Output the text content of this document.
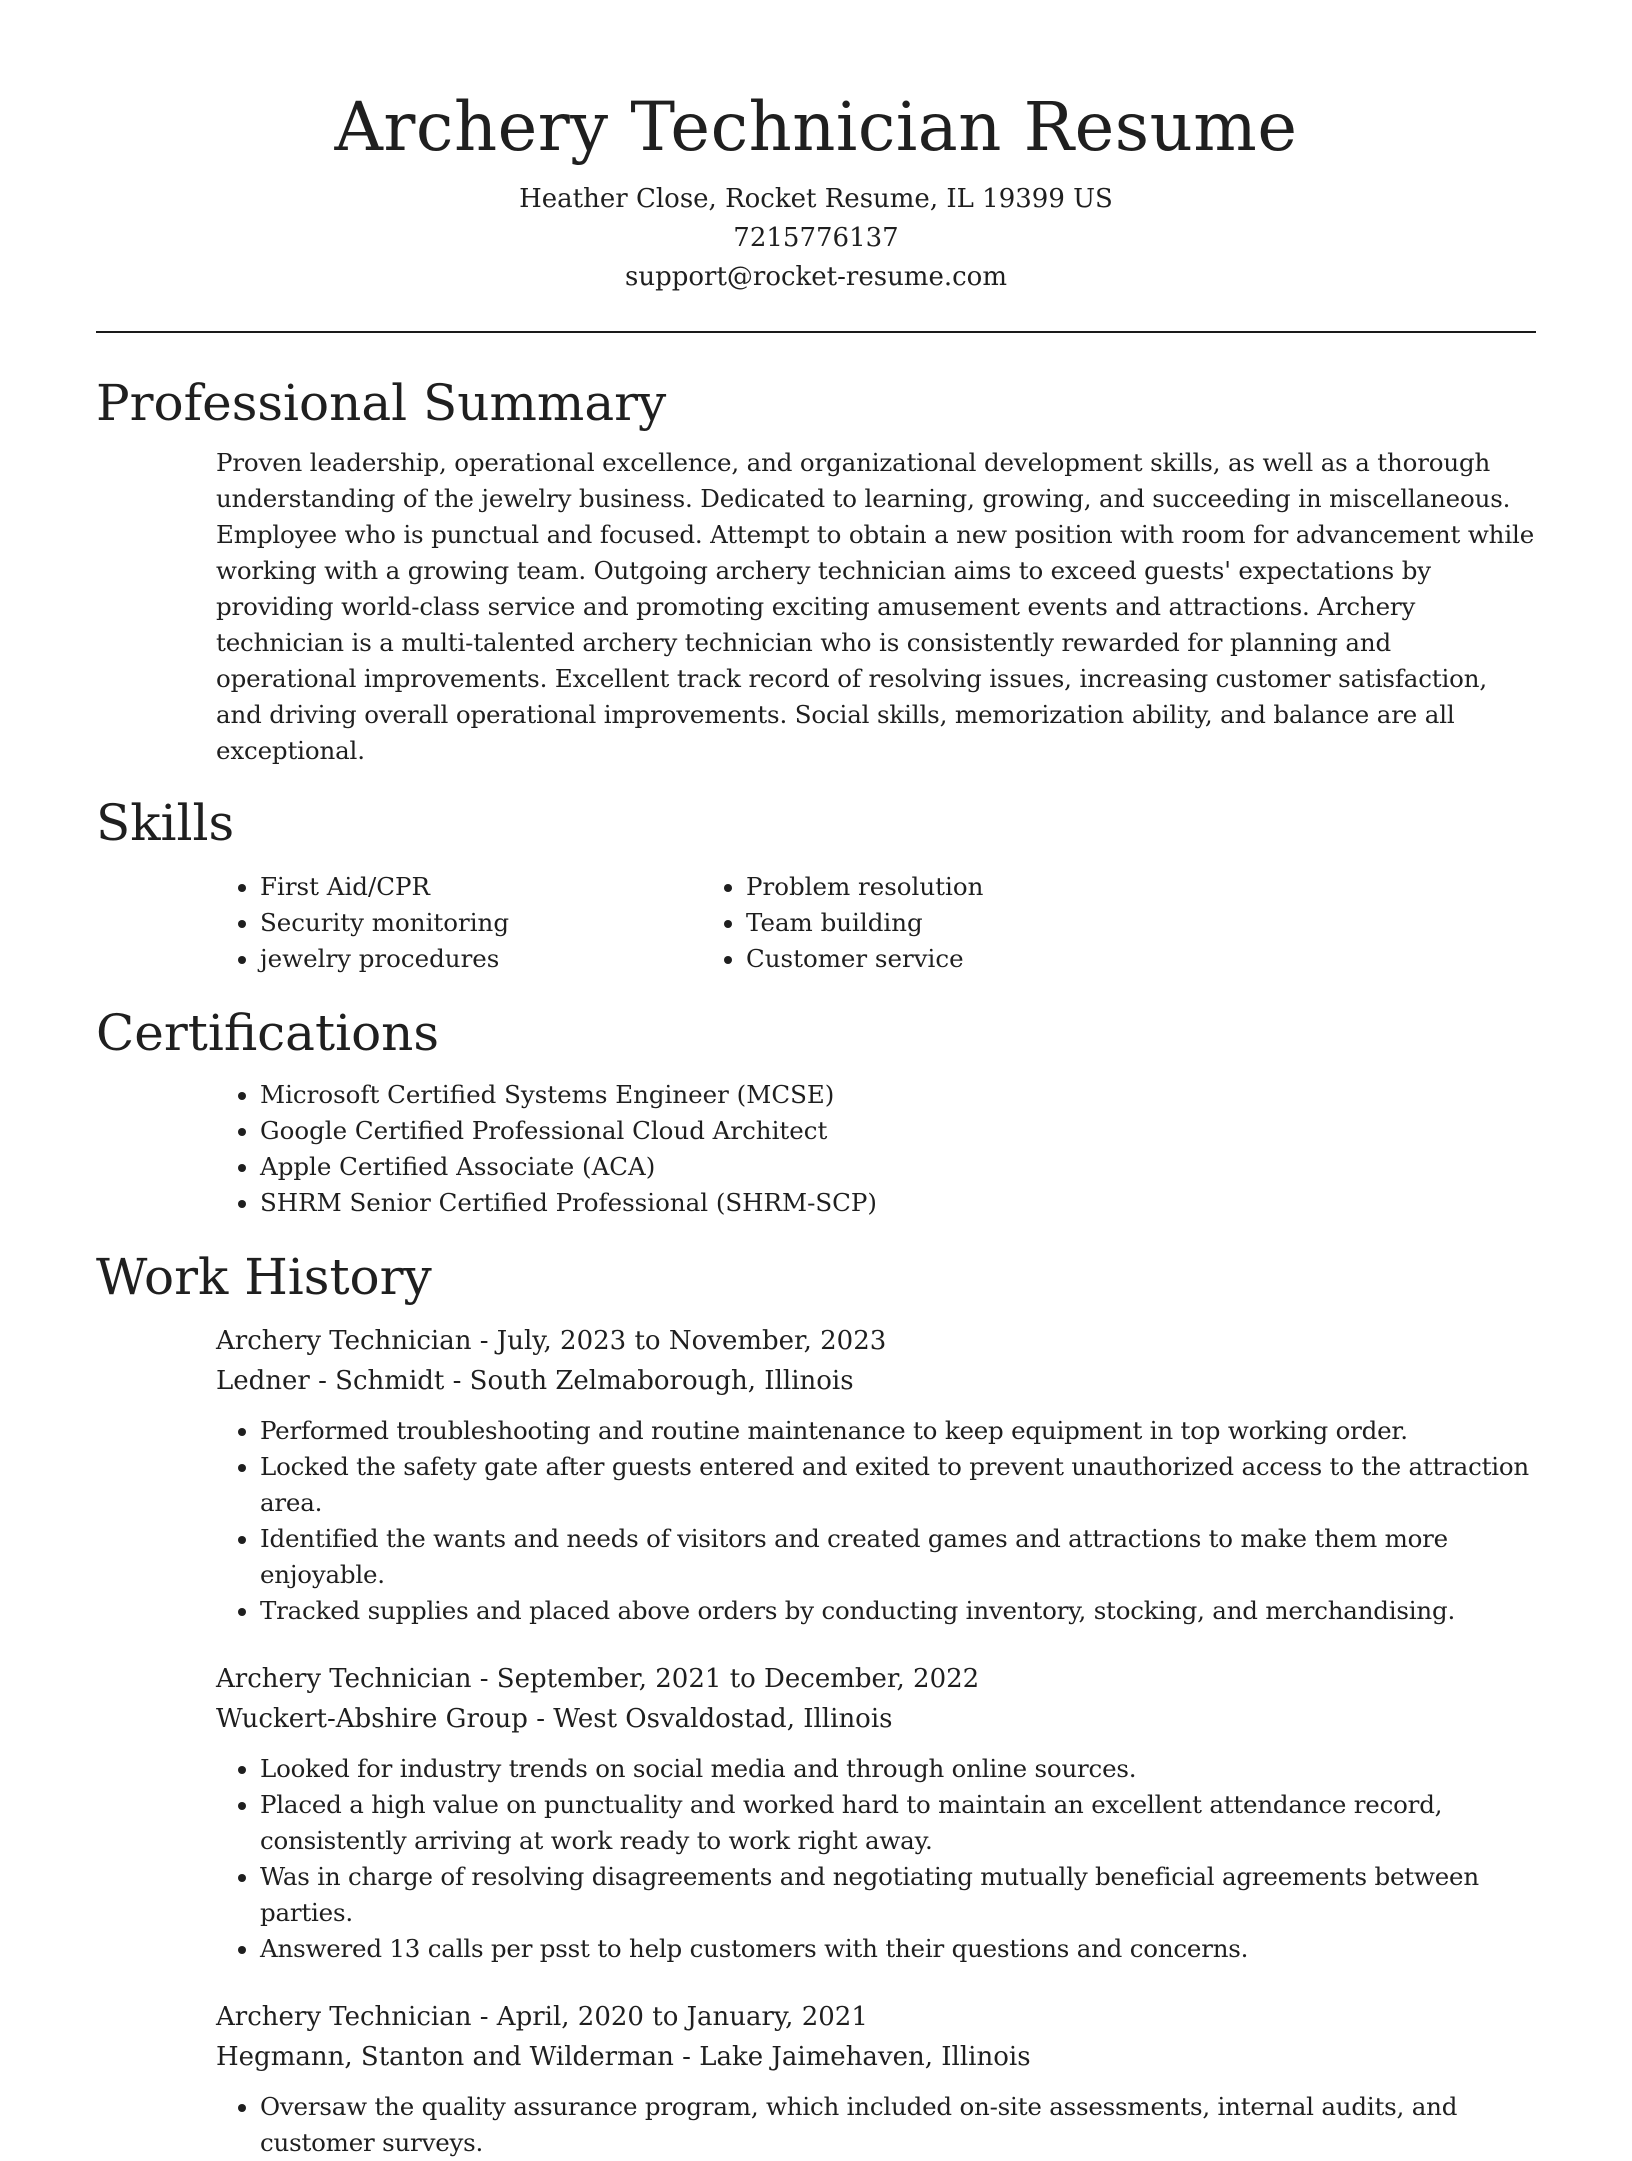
Archery Technician Resume
Heather Close, Rocket Resume, IL 19399 US
7215776137
support@rocket-resume.com
Professional Summary
Proven leadership, operational excellence, and organizational development skills, as well as a thorough understanding of the jewelry business. Dedicated to learning, growing, and succeeding in miscellaneous. Employee who is punctual and focused. Attempt to obtain a new position with room for advancement while working with a growing team. Outgoing archery technician aims to exceed guests' expectations by providing world-class service and promoting exciting amusement events and attractions. Archery technician is a multi-talented archery technician who is consistently rewarded for planning and operational improvements. Excellent track record of resolving issues, increasing customer satisfaction, and driving overall operational improvements. Social skills, memorization ability, and balance are all exceptional.
Skills
• First Aid/CPR
• Security monitoring
• jewelry procedures
• Problem resolution
• Team building
• Customer service
Certifications
• Microsoft Certified Systems Engineer (MCSE)
• Google Certified Professional Cloud Architect
• Apple Certified Associate (ACA)
• SHRM Senior Certified Professional (SHRM-SCP)
Work History
Archery Technician - July, 2023 to November, 2023
Ledner - Schmidt - South Zelmaborough, Illinois
• Performed troubleshooting and routine maintenance to keep equipment in top working order.
• Locked the safety gate after guests entered and exited to prevent unauthorized access to the attraction area.
• Identified the wants and needs of visitors and created games and attractions to make them more enjoyable.
• Tracked supplies and placed above orders by conducting inventory, stocking, and merchandising.
Archery Technician - September, 2021 to December, 2022
Wuckert-Abshire Group - West Osvaldostad, Illinois
• Looked for industry trends on social media and through online sources.
• Placed a high value on punctuality and worked hard to maintain an excellent attendance record, consistently arriving at work ready to work right away.
• Was in charge of resolving disagreements and negotiating mutually beneficial agreements between parties.
• Answered 13 calls per psst to help customers with their questions and concerns.
Archery Technician - April, 2020 to January, 2021
Hegmann, Stanton and Wilderman - Lake Jaimehaven, Illinois
• Oversaw the quality assurance program, which included on-site assessments, internal audits, and customer surveys.
